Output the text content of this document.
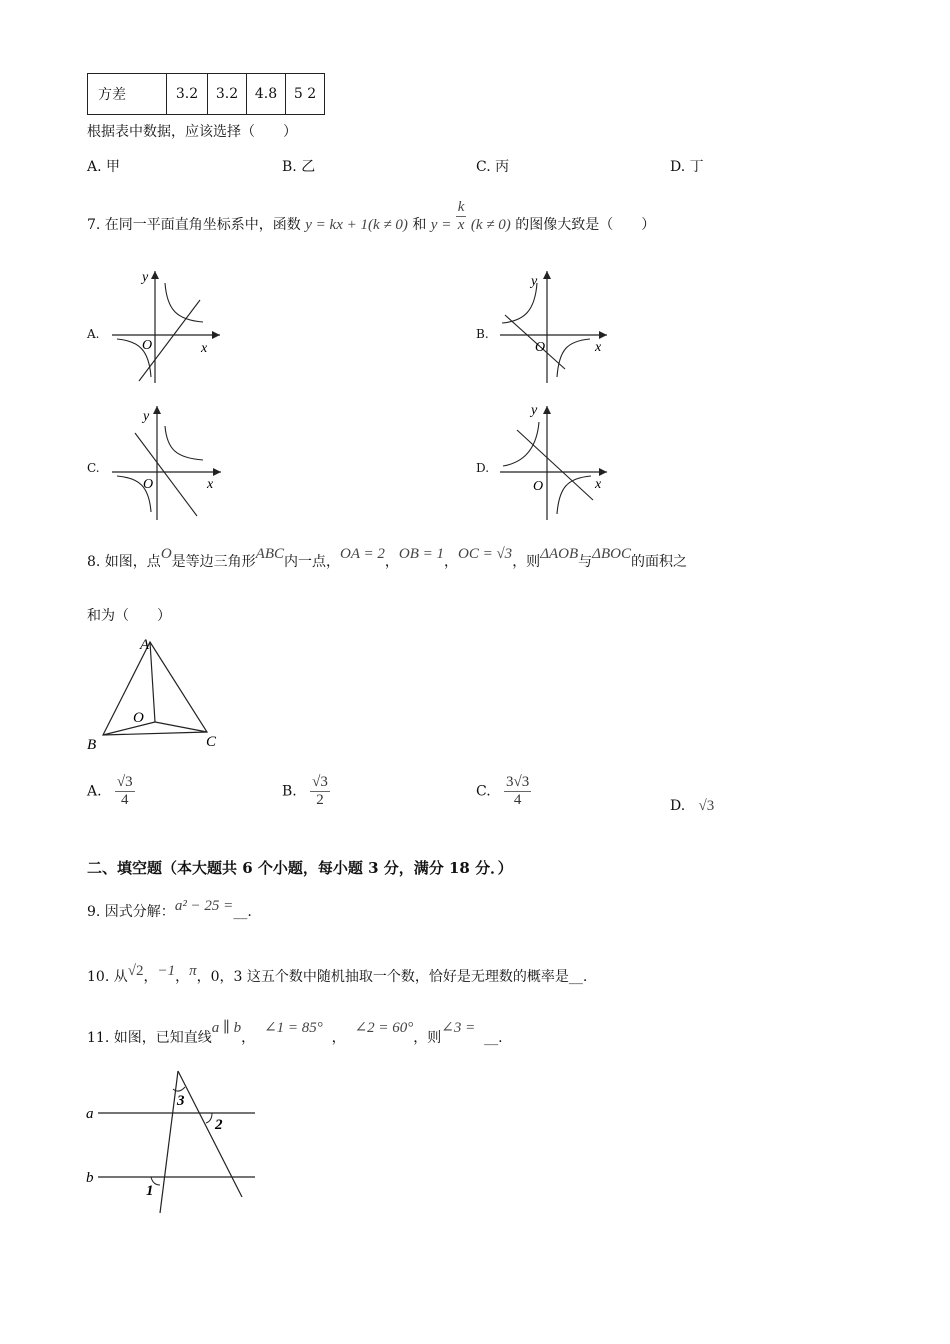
方差	3.2	3.2	4.8	5 2
根据表中数据，应该选择（　　）
A. 甲	B. 乙	C. 丙	D. 丁
7. 在同一平面直角坐标系中，函数 y = kx + 1(k ≠ 0) 和 $y = \frac{k}{x} (k \ne 0)$ 的图像大致是（　　）
A.	B.
C.	D.
y
x
O
y
x
O
y
x
O
y
x
O
8. 如图，点O是等边三角形ABC内一点，OA = 2，OB = 1，OC = √3，则ΔAOB与ΔBOC的面积之
和为（　　）
A
B	C
O
A. $\frac{√3}{4}$	B. $\frac{√3}{2}$	C. $\frac{3√3}{4}$	D. √3
二、填空题（本大题共 6 个小题，每小题 3 分，满分 18 分．）
9. 因式分解：a² − 25 =__.
10. 从√2，−1，π，0，3 这五个数中随机抽取一个数，恰好是无理数的概率是__.
11. 如图，已知直线a ∥ b，  ∠1 = 85°  ，  ∠2 = 60°，则∠3 =  __.
a
b
3
2
1
